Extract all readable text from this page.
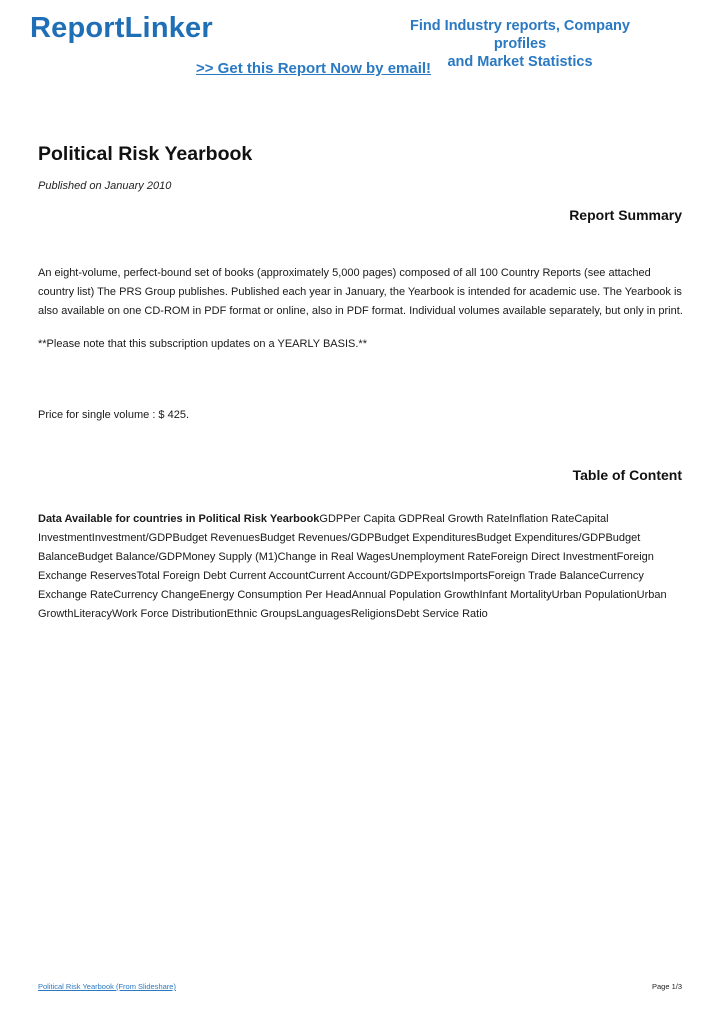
ReportLinker	Find Industry reports, Company profiles
and Market Statistics
>> Get this Report Now by email!
Political Risk Yearbook
Published on January 2010
Report Summary

An eight-volume, perfect-bound set of books (approximately 5,000 pages) composed of all 100 Country Reports (see attached country list) The PRS Group publishes. Published each year in January, the Yearbook is intended for academic use. The Yearbook is also available on one CD-ROM in PDF format or online, also in PDF format. Individual volumes available separately, but only in print.

**Please note that this subscription updates on a YEARLY BASIS.**

Price for single volume : $ 425.

Table of Content

Data Available for countries in Political Risk YearbookGDPPer Capita GDPReal Growth RateInflation RateCapital InvestmentInvestment/GDPBudget RevenuesBudget Revenues/GDPBudget ExpendituresBudget Expenditures/GDPBudget BalanceBudget Balance/GDPMoney Supply (M1)Change in Real WagesUnemployment RateForeign Direct InvestmentForeign Exchange ReservesTotal Foreign Debt Current AccountCurrent Account/GDPExportsImportsForeign Trade BalanceCurrency Exchange RateCurrency ChangeEnergy Consumption Per HeadAnnual Population GrowthInfant MortalityUrban PopulationUrban GrowthLiteracyWork Force DistributionEthnic GroupsLanguagesReligionsDebt Service Ratio

Political Risk Yearbook (From Slideshare)	Page 1/3
